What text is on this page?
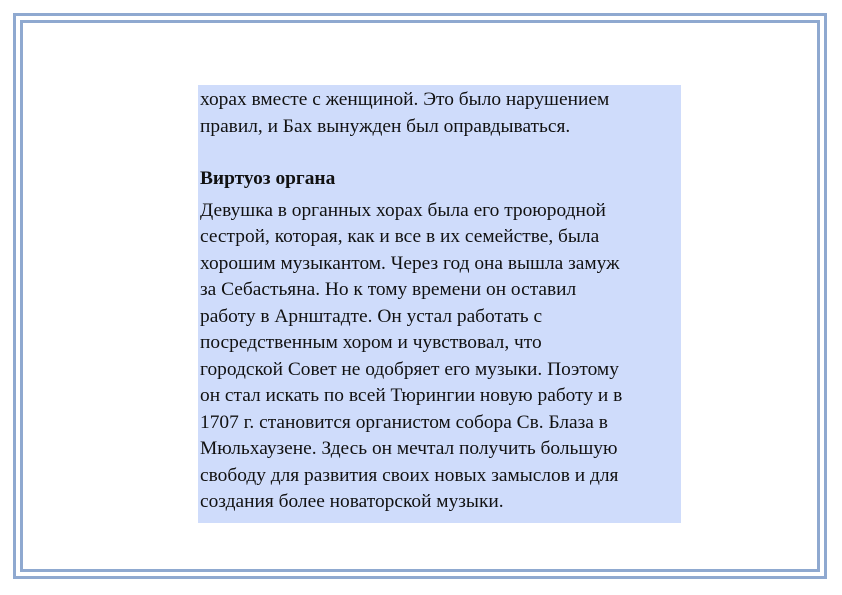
хорах вместе с женщиной. Это было нарушением
правил, и Бах вынужден был оправдываться.

Виртуоз органа

Девушка в органных хорах была его троюродной
сестрой, которая, как и все в их семействе, была
хорошим музыкантом. Через год она вышла замуж
за Себастьяна. Но к тому времени он оставил
работу в Арнштадте. Он устал работать с
посредственным хором и чувствовал, что
городской Совет не одобряет его музыки. Поэтому
он стал искать по всей Тюрингии новую работу и в
1707 г. становится органистом собора Св. Блаза в
Мюльхаузене. Здесь он мечтал получить большую
свободу для развития своих новых замыслов и для
создания более новаторской музыки.
